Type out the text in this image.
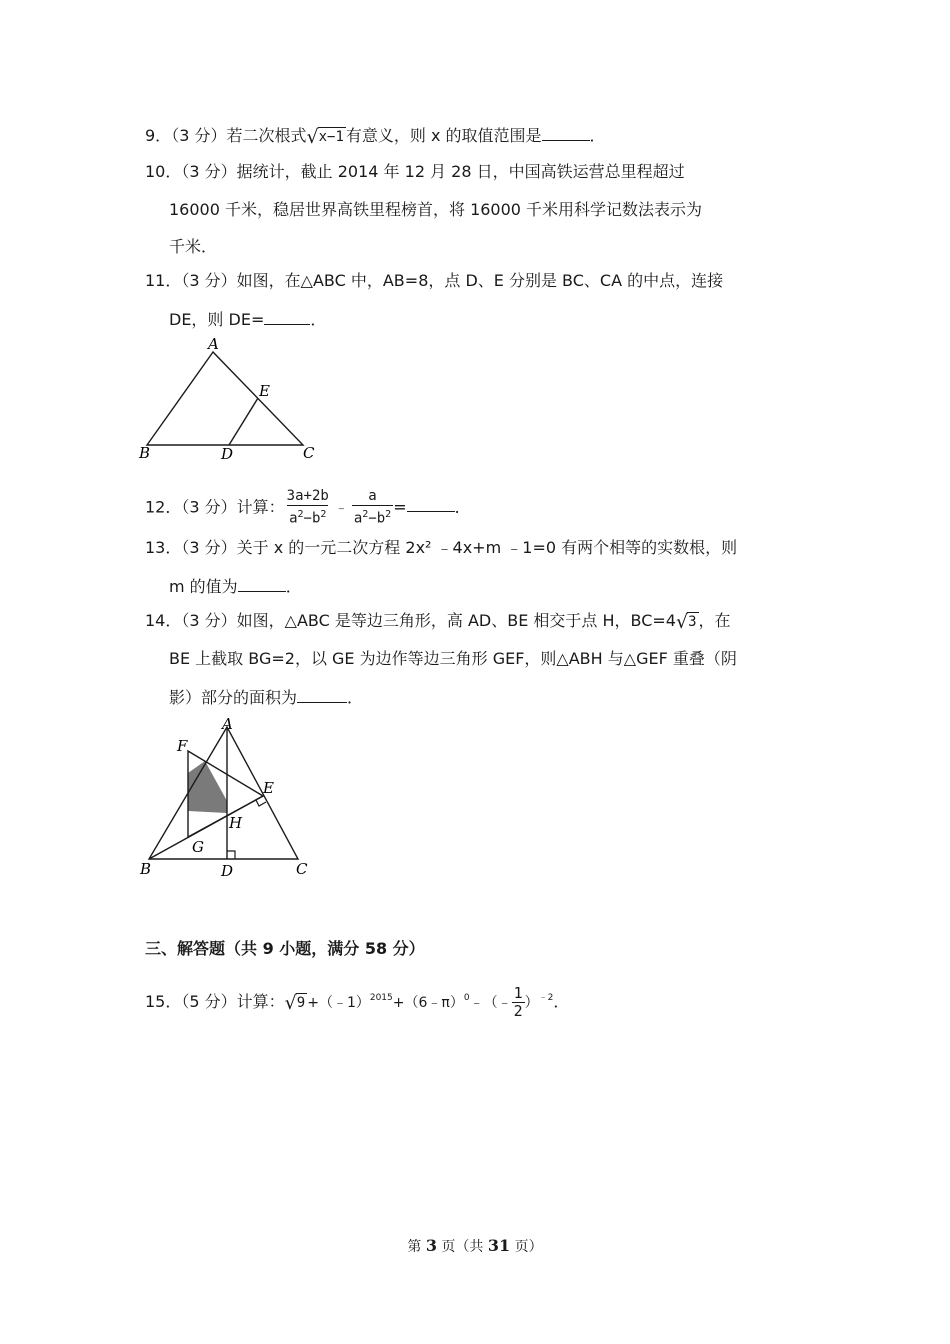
9．（3 分）若二次根式√x−1 有意义，则 x 的取值范围是	．
10．（3 分）据统计，截止 2014 年 12 月 28 日，中国高铁运营总里程超过
16000 千米，稳居世界高铁里程榜首，将 16000 千米用科学记数法表示为
千米．
11．（3 分）如图，在△ABC 中，AB=8，点 D、E 分别是 BC、CA 的中点，连接
DE，则 DE=	．
A
B	C
D
E
12．（3 分）计算： $\frac{3a+2b}{a^2-b^2}$ ﹣ $\frac{a}{a^2-b^2}$ =	．
13．（3 分）关于 x 的一元二次方程 2x² ﹣4x+m ﹣1=0 有两个相等的实数根，则
m 的值为	．
14．（3 分）如图，△ABC 是等边三角形，高 AD、BE 相交于点 H，BC=4√3 ，在
BE 上截取 BG=2，以 GE 为边作等边三角形 GEF，则△ABH 与△GEF 重叠（阴
影）部分的面积为	．
A
B	C
D
E
F
G
H
三、解答题（共 9 小题，满分 58 分）
15．（5 分）计算：√9 +（﹣1）$^{2015}$+（6﹣π）$^0$﹣（﹣ $\frac{1}{2} )^{﹣2}$．
第 3 页（共 31 页）
